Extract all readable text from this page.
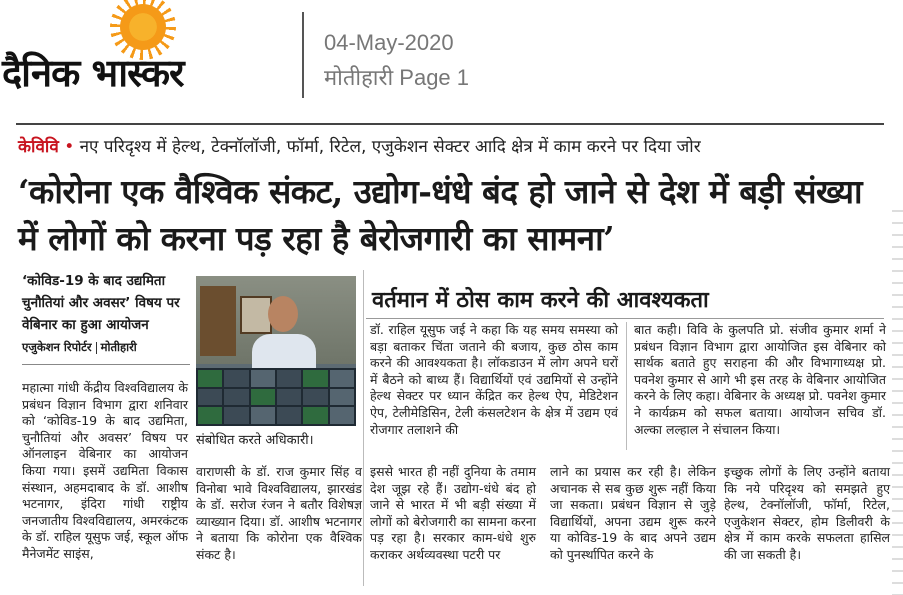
दैनिक भास्कर
04-May-2020
मोतीहारी Page 1
केविवि • नए परिदृश्य में हेल्थ, टेक्नॉलॉजी, फॉर्मा, रिटेल, एजुकेशन सेक्टर आदि क्षेत्र में काम करने पर दिया जोर
‘कोरोना एक वैश्विक संकट, उद्योग-धंधे बंद हो जाने से देश में बड़ी संख्या में लोगों को करना पड़ रहा है बेरोजगारी का सामना’
‘कोविड-19 के बाद उद्यमिता चुनौतियां और अवसर’ विषय पर वेबिनार का हुआ आयोजन
एजुकेशन रिपोर्टर मोतीहारी
संबोधित करते अधिकारी।
वर्तमान में ठोस काम करने की आवश्यकता
महात्मा गांधी केंद्रीय विश्वविद्यालय के प्रबंधन विज्ञान विभाग द्वारा शनिवार को ‘कोविड-19 के बाद उद्यमिता, चुनौतियां और अवसर’ विषय पर ऑनलाइन वेबिनार का आयोजन किया गया। इसमें उद्यमिता विकास संस्थान, अहमदाबाद के डॉ. आशीष भटनागर, इंदिरा गांधी राष्ट्रीय जनजातीय विश्वविद्यालय, अमरकंटक के डॉ. राहिल यूसुफ जई, स्कूल ऑफ मैनेजमेंट साइंस,
डॉ. राहिल यूसुफ जई ने कहा कि यह समय समस्या को बड़ा बताकर चिंता जताने की बजाय, कुछ ठोस काम करने की आवश्यकता है। लॉकडाउन में लोग अपने घरों में बैठने को बाध्य हैं। विद्यार्थियों एवं उद्यमियों से उन्होंने हेल्थ सेक्टर पर ध्यान केंद्रित कर हेल्थ ऐप, मेडिटेशन ऐप, टेलीमेडिसिन, टेली कंसलटेशन के क्षेत्र में उद्यम एवं रोजगार तलाशने की
बात कही। विवि के कुलपति प्रो. संजीव कुमार शर्मा ने प्रबंधन विज्ञान विभाग द्वारा आयोजित इस वेबिनार को सार्थक बताते हुए सराहना की और विभागाध्यक्ष प्रो. पवनेश कुमार से आगे भी इस तरह के वेबिनार आयोजित करने के लिए कहा। वेबिनार के अध्यक्ष प्रो. पवनेश कुमार ने कार्यक्रम को सफल बताया। आयोजन सचिव डॉ. अल्का लल्हाल ने संचालन किया।
वाराणसी के डॉ. राज कुमार सिंह व विनोबा भावे विश्वविद्यालय, झारखंड के डॉ. सरोज रंजन ने बतौर विशेषज्ञ व्याख्यान दिया। डॉ. आशीष भटनागर ने बताया कि कोरोना एक वैश्विक संकट है।
इससे भारत ही नहीं दुनिया के तमाम देश जूझ रहे हैं। उद्योग-धंधे बंद हो जाने से भारत में भी बड़ी संख्या में लोगों को बेरोजगारी का सामना करना पड़ रहा है। सरकार काम-धंधे शुरु कराकर अर्थव्यवस्था पटरी पर
लाने का प्रयास कर रही है। लेकिन अचानक से सब कुछ शुरू नहीं किया जा सकता। प्रबंधन विज्ञान से जुड़े विद्यार्थियों, अपना उद्यम शुरू करने या कोविड-19 के बाद अपने उद्यम को पुनर्स्थापित करने के
इच्छुक लोगों के लिए उन्होंने बताया कि नये परिदृश्य को समझते हुए हेल्थ, टेक्नॉलॉजी, फॉर्मा, रिटेल, एजुकेशन सेक्टर, होम डिलीवरी के क्षेत्र में काम करके सफलता हासिल की जा सकती है।
